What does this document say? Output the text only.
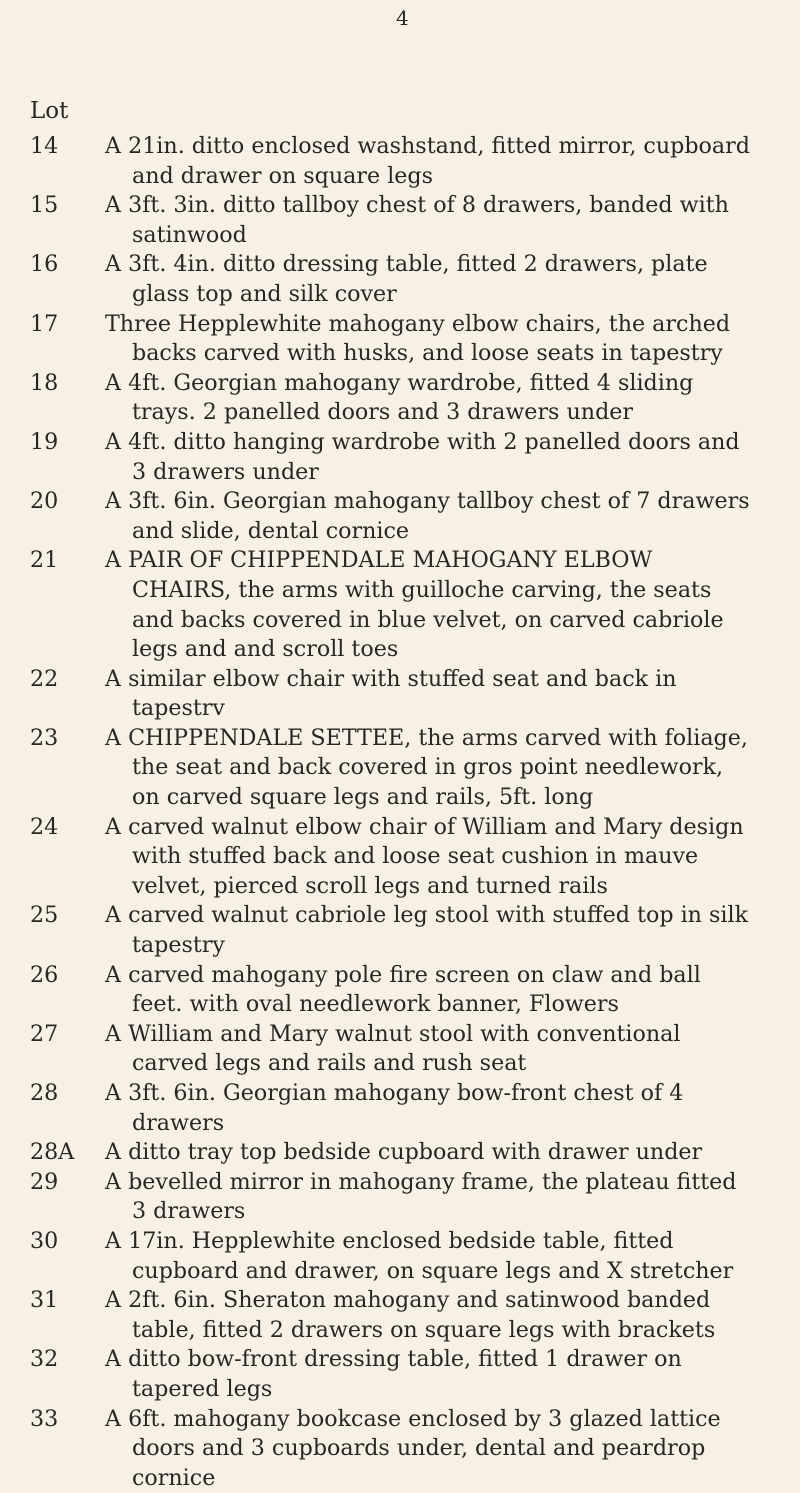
4
Lot
14	A 21in. ditto enclosed washstand, fitted mirror, cupboard and drawer on square legs
15	A 3ft. 3in. ditto tallboy chest of 8 drawers, banded with satinwood
16	A 3ft. 4in. ditto dressing table, fitted 2 drawers, plate glass top and silk cover
17	Three Hepplewhite mahogany elbow chairs, the arched backs carved with husks, and loose seats in tapestry
18	A 4ft. Georgian mahogany wardrobe, fitted 4 sliding trays. 2 panelled doors and 3 drawers under
19	A 4ft. ditto hanging wardrobe with 2 panelled doors and 3 drawers under
20	A 3ft. 6in. Georgian mahogany tallboy chest of 7 drawers and slide, dental cornice
21	A PAIR OF CHIPPENDALE MAHOGANY ELBOW CHAIRS, the arms with guilloche carving, the seats and backs covered in blue velvet, on carved cabriole legs and and scroll toes
22	A similar elbow chair with stuffed seat and back in tapestrv
23	A CHIPPENDALE SETTEE, the arms carved with foliage, the seat and back covered in gros point needlework, on carved square legs and rails, 5ft. long
24	A carved walnut elbow chair of William and Mary design with stuffed back and loose seat cushion in mauve velvet, pierced scroll legs and turned rails
25	A carved walnut cabriole leg stool with stuffed top in silk tapestry
26	A carved mahogany pole fire screen on claw and ball feet. with oval needlework banner, Flowers
27	A William and Mary walnut stool with conventional carved legs and rails and rush seat
28	A 3ft. 6in. Georgian mahogany bow-front chest of 4 drawers
28A	A ditto tray top bedside cupboard with drawer under
29	A bevelled mirror in mahogany frame, the plateau fitted 3 drawers
30	A 17in. Hepplewhite enclosed bedside table, fitted cupboard and drawer, on square legs and X stretcher
31	A 2ft. 6in. Sheraton mahogany and satinwood banded table, fitted 2 drawers on square legs with brackets
32	A ditto bow-front dressing table, fitted 1 drawer on tapered legs
33	A 6ft. mahogany bookcase enclosed by 3 glazed lattice doors and 3 cupboards under, dental and peardrop cornice
